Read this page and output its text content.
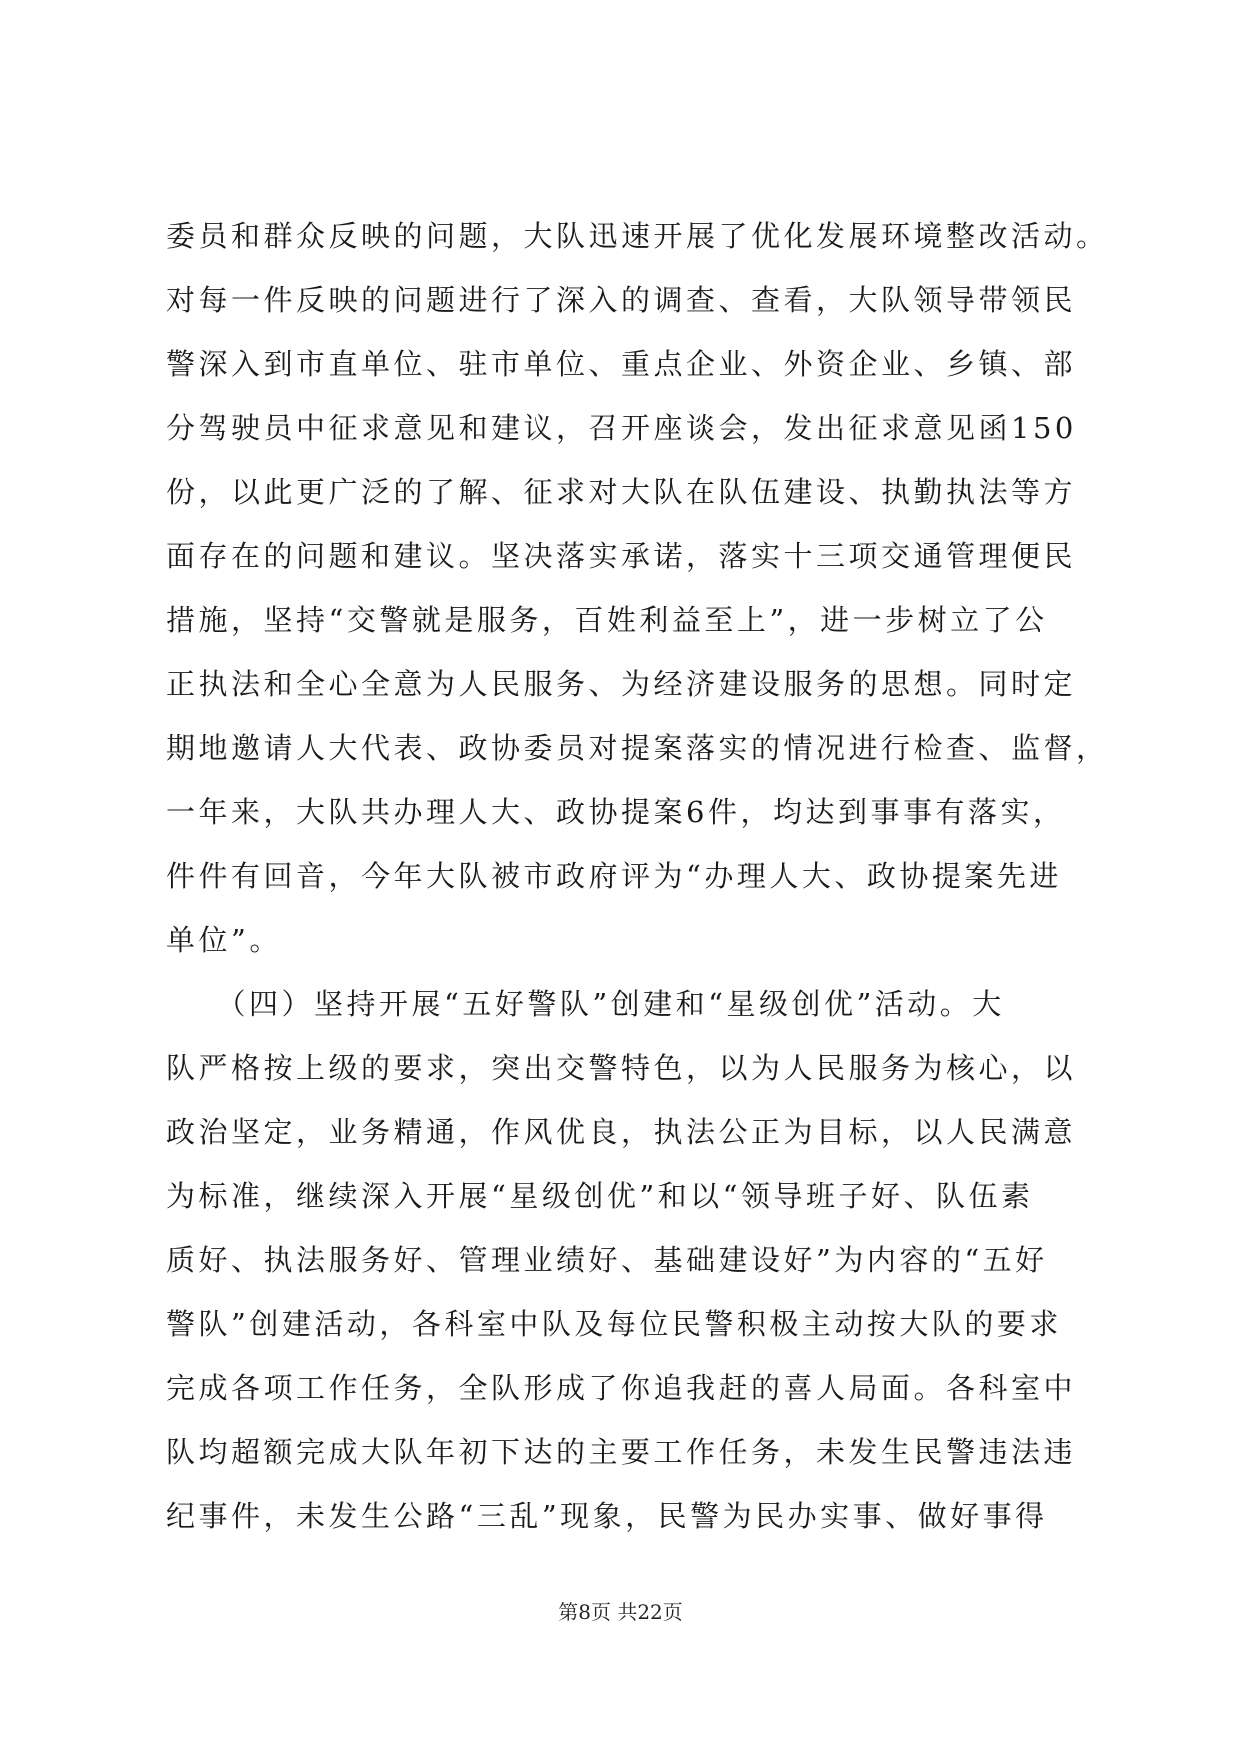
委员和群众反映的问题，大队迅速开展了优化发展环境整改活动。
对每一件反映的问题进行了深入的调查、查看，大队领导带领民
警深入到市直单位、驻市单位、重点企业、外资企业、乡镇、部
分驾驶员中征求意见和建议，召开座谈会，发出征求意见函150
份，以此更广泛的了解、征求对大队在队伍建设、执勤执法等方
面存在的问题和建议。坚决落实承诺，落实十三项交通管理便民
措施，坚持“交警就是服务，百姓利益至上”，进一步树立了公
正执法和全心全意为人民服务、为经济建设服务的思想。同时定
期地邀请人大代表、政协委员对提案落实的情况进行检查、监督，
一年来，大队共办理人大、政协提案6件，均达到事事有落实，
件件有回音，今年大队被市政府评为“办理人大、政协提案先进
单位”。
　　（四）坚持开展“五好警队”创建和“星级创优”活动。大
队严格按上级的要求，突出交警特色，以为人民服务为核心，以
政治坚定，业务精通，作风优良，执法公正为目标，以人民满意
为标准，继续深入开展“星级创优”和以“领导班子好、队伍素
质好、执法服务好、管理业绩好、基础建设好”为内容的“五好
警队”创建活动，各科室中队及每位民警积极主动按大队的要求
完成各项工作任务，全队形成了你追我赶的喜人局面。各科室中
队均超额完成大队年初下达的主要工作任务，未发生民警违法违
纪事件，未发生公路“三乱”现象，民警为民办实事、做好事得
第8页 共22页
